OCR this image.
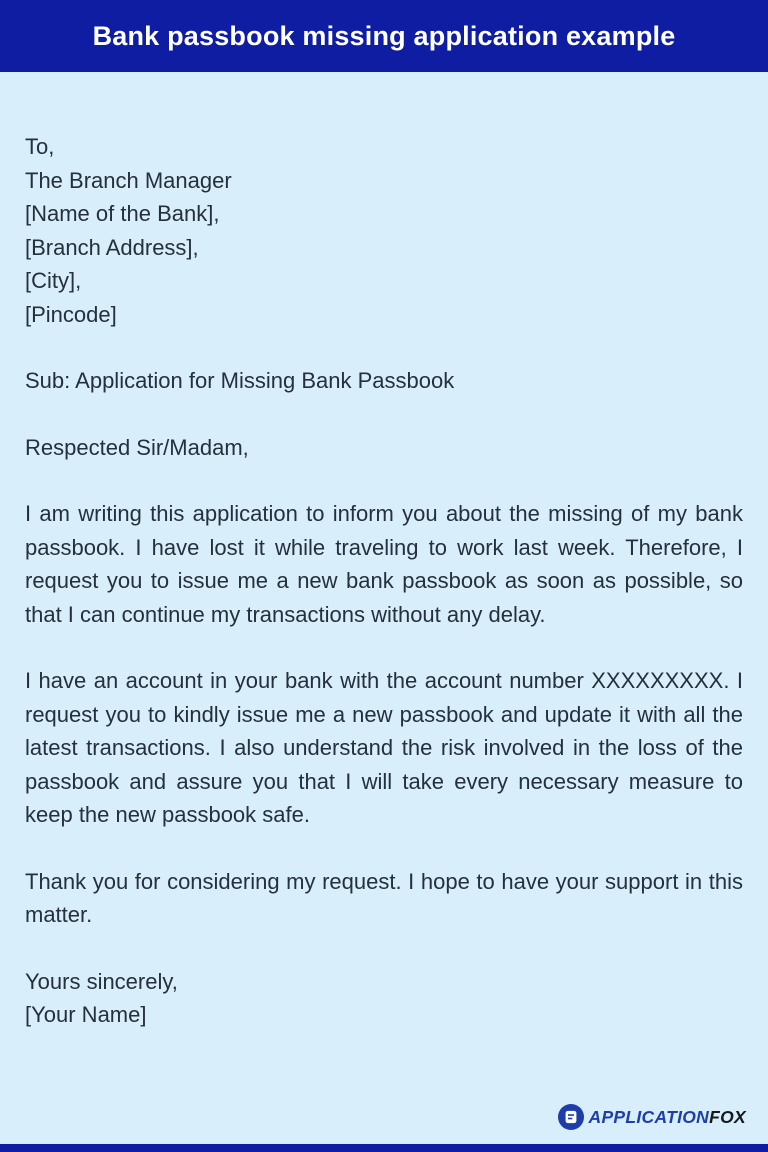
Bank passbook missing application example
To,
The Branch Manager
[Name of the Bank],
[Branch Address],
[City],
[Pincode]

Sub: Application for Missing Bank Passbook

Respected Sir/Madam,

I am writing this application to inform you about the missing of my bank passbook. I have lost it while traveling to work last week. Therefore, I request you to issue me a new bank passbook as soon as possible, so that I can continue my transactions without any delay.

I have an account in your bank with the account number XXXXXXXXX. I request you to kindly issue me a new passbook and update it with all the latest transactions. I also understand the risk involved in the loss of the passbook and assure you that I will take every necessary measure to keep the new passbook safe.

Thank you for considering my request. I hope to have your support in this matter.

Yours sincerely,
[Your Name]
APPLICATIONFOX
